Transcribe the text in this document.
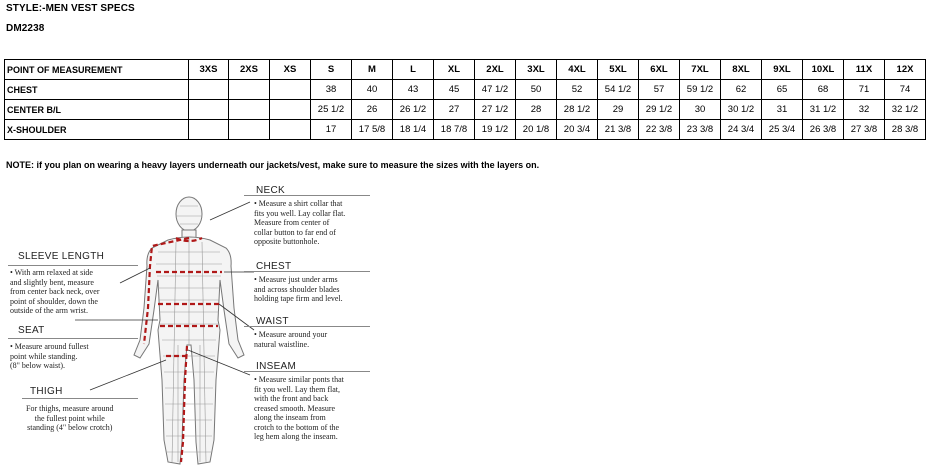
STYLE:-MEN VEST SPECS
DM2238
POINT OF MEASUREMENT	3XS	2XS	XS	S	M	L	XL	2XL	3XL	4XL	5XL	6XL	7XL	8XL	9XL	10XL	11X	12X
CHEST				38	40	43	45	47 1/2	50	52	54 1/2	57	59 1/2	62	65	68	71	74
CENTER B/L				25 1/2	26	26 1/2	27	27 1/2	28	28 1/2	29	29 1/2	30	30 1/2	31	31 1/2	32	32 1/2
X-SHOULDER				17	17 5/8	18 1/4	18 7/8	19 1/2	20 1/8	20 3/4	21 3/8	22 3/8	23 3/8	24 3/4	25 3/4	26 3/8	27 3/8	28 3/8
NOTE: if you plan on wearing a heavy layers underneath our jackets/vest, make sure to measure the sizes with the layers on.
NECK

• Measure a shirt collar that

fits you well. Lay collar flat.

Measure from center of

collar button to far end of

opposite buttonhole.

CHEST

• Measure just under arms

and across shoulder blades

holding tape firm and level.

WAIST

• Measure around your

natural waistline.

INSEAM

• Measure similar ponts that

fit you well. Lay them flat,

with the front and back

creased smooth. Measure

along the inseam from

crotch to the bottom of the

leg hem along the inseam.

SLEEVE LENGTH

• With arm relaxed at side

and slightly bent, measure

from center back neck, over

point of shoulder, down the

outside of the arm wrist.

SEAT

• Measure around fullest

point while standing.

(8" below waist).

THIGH

For thighs, measure around

the fullest point while

standing (4" below crotch)
